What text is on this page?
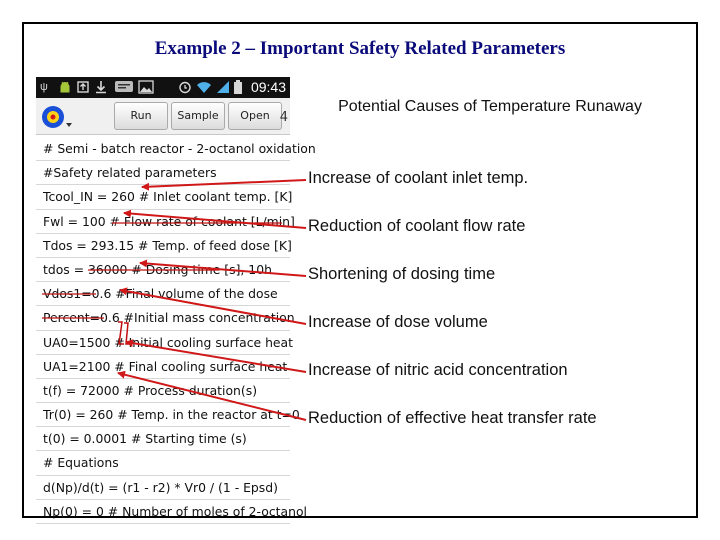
Example 2 – Important Safety Related Parameters
ψ	09:43
Run	Sample	Open 4
# Semi - batch reactor - 2-octanol oxidation
#Safety related parameters
Tcool_IN = 260 # Inlet coolant temp. [K]
Fwl = 100 # Flow rate of coolant [L/min]
Tdos = 293.15 # Temp. of feed dose [K]
tdos = 36000 # Dosing time [s], 10h
Vdos1=0.6 #Final volume of the dose
Percent=0.6 #Initial mass concentration
UA0=1500 # Initial cooling surface heat
UA1=2100 # Final cooling surface heat
t(f) = 72000 # Process duration(s)
Tr(0) = 260 # Temp. in the reactor at t=0
t(0) = 0.0001 # Starting time (s)
# Equations
d(Np)/d(t) = (r1 - r2) * Vr0 / (1 - Epsd)
Np(0) = 0 # Number of moles of 2-octanol
Potential Causes of Temperature Runaway
Increase of coolant inlet temp.
Reduction of coolant flow rate
Shortening of dosing time
Increase of dose volume
Increase of nitric acid concentration
Reduction of effective heat transfer rate
